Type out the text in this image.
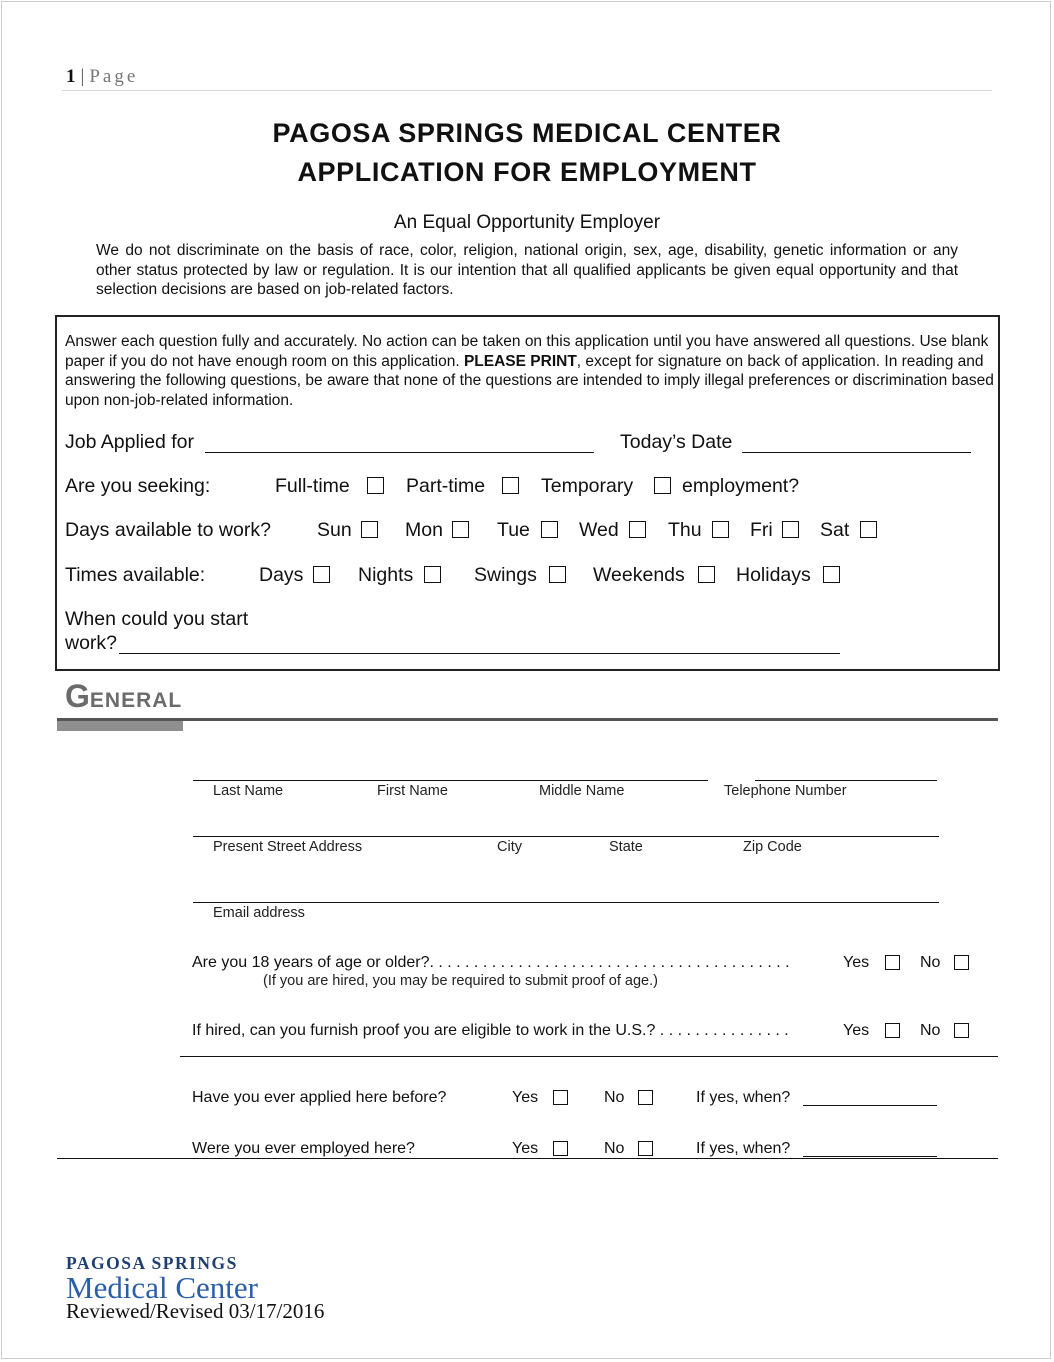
1 | Page
PAGOSA SPRINGS MEDICAL CENTER
APPLICATION FOR EMPLOYMENT
An Equal Opportunity Employer
We do not discriminate on the basis of race, color, religion, national origin, sex, age, disability, genetic information or any other status protected by law or regulation. It is our intention that all qualified applicants be given equal opportunity and that selection decisions are based on job-related factors.
Answer each question fully and accurately. No action can be taken on this application until you have answered all questions. Use blank paper if you do not have enough room on this application. PLEASE PRINT, except for signature on back of application. In reading and answering the following questions, be aware that none of the questions are intended to imply illegal preferences or discrimination based upon non-job-related information.
Job Applied for	Today’s Date
Are you seeking:	Full-time	Part-time	Temporary	employment?
Days available to work? Sun	Mon	Tue	Wed	Thu Fri Sat
Times available:	Days	Nights	Swings	Weekends	Holidays
When could you start
work?
GENERAL
Last Name	First Name	Middle Name	Telephone Number
Present Street Address	City	State	Zip Code
Email address
Are you 18 years of age or older?. . . . . . . . . . . . . . . . . . . . . . . . . . . . . . . . . . . . . . . . .	Yes	No
(If you are hired, you may be required to submit proof of age.)
If hired, can you furnish proof you are eligible to work in the U.S.? . . . . . . . . . . . . . . .	Yes	No
Have you ever applied here before?	Yes	No	If yes, when?
Were you ever employed here?	Yes	No	If yes, when?
PAGOSA SPRINGS
Medical Center
Reviewed/Revised 03/17/2016
